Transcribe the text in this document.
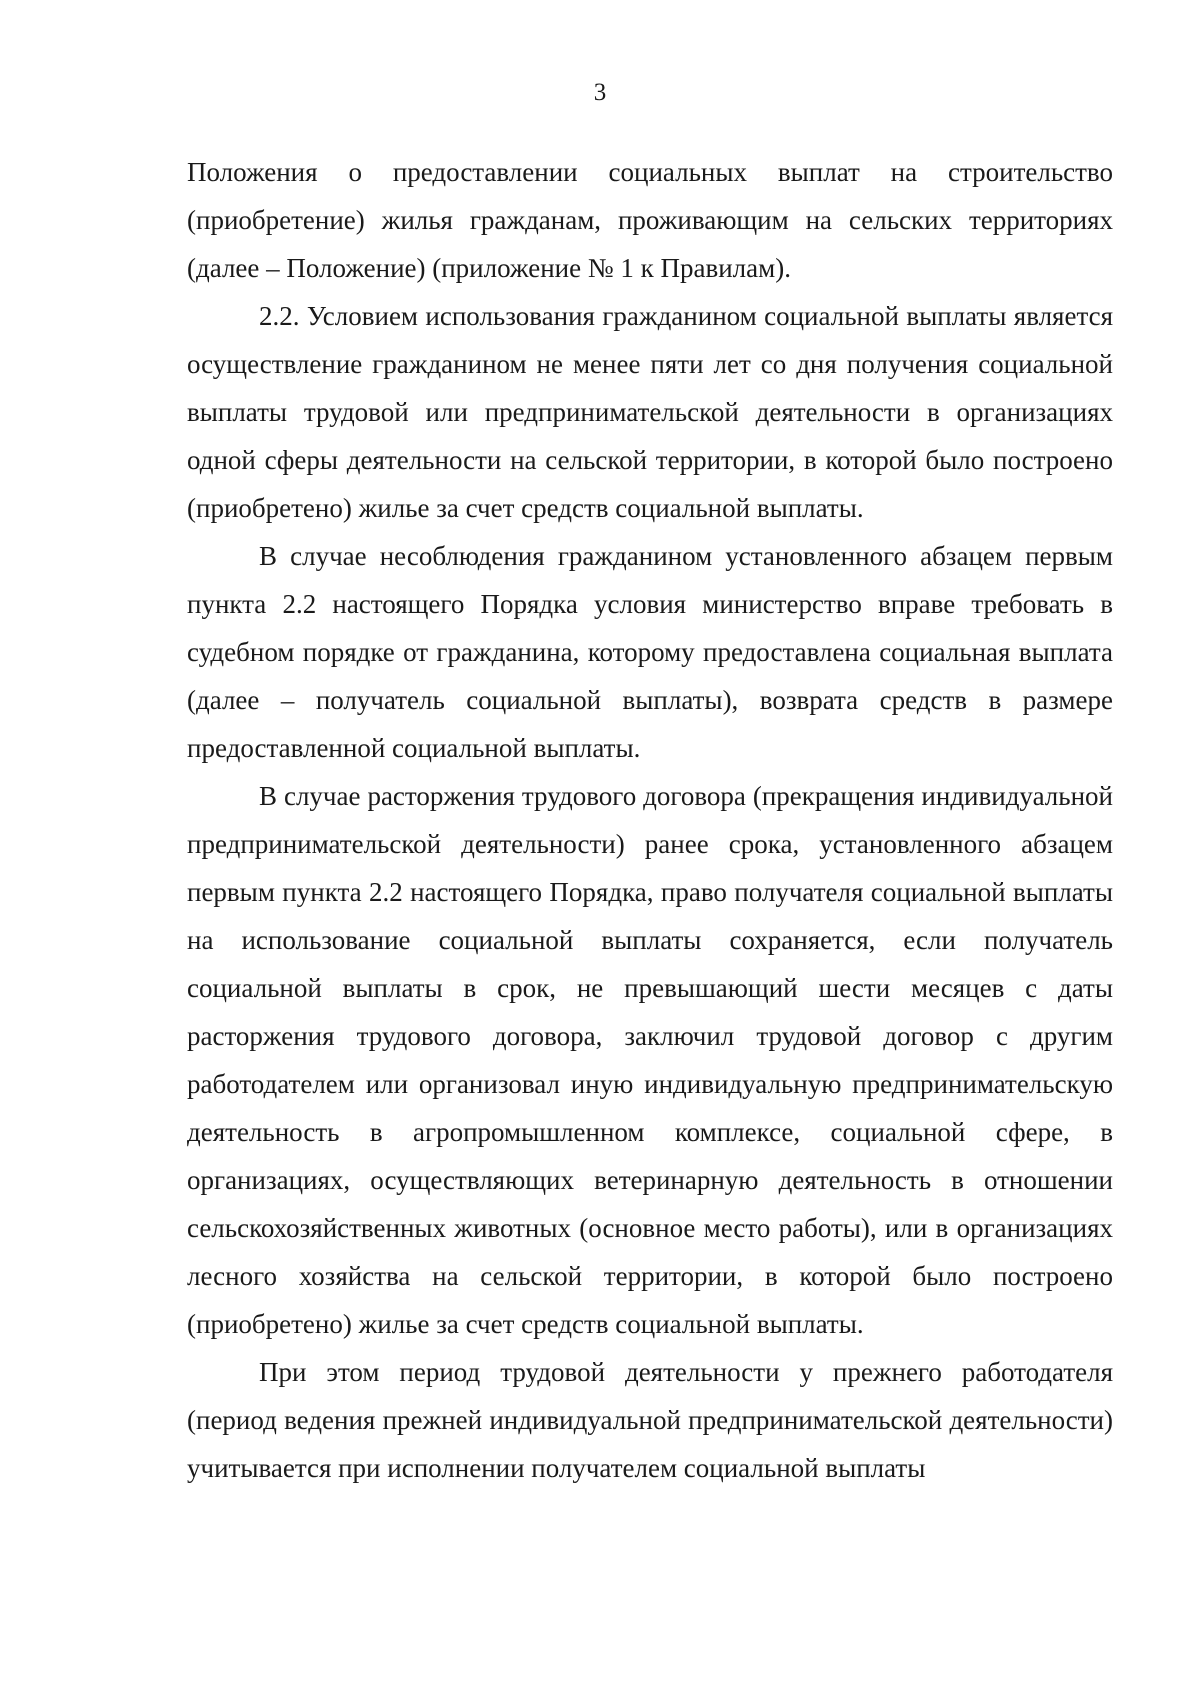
3

Положения о предоставлении социальных выплат на строительство (приобретение) жилья гражданам, проживающим на сельских территориях (далее – Положение) (приложение № 1 к Правилам).

2.2. Условием использования гражданином социальной выплаты является осуществление гражданином не менее пяти лет со дня получения социальной выплаты трудовой или предпринимательской деятельности в организациях одной сферы деятельности на сельской территории, в которой было построено (приобретено) жилье за счет средств социальной выплаты.

В случае несоблюдения гражданином установленного абзацем первым пункта 2.2 настоящего Порядка условия министерство вправе требовать в судебном порядке от гражданина, которому предоставлена социальная выплата (далее – получатель социальной выплаты), возврата средств в размере предоставленной социальной выплаты.

В случае расторжения трудового договора (прекращения индивидуальной предпринимательской деятельности) ранее срока, установленного абзацем первым пункта 2.2 настоящего Порядка, право получателя социальной выплаты на использование социальной выплаты сохраняется, если получатель социальной выплаты в срок, не превышающий шести месяцев с даты расторжения трудового договора, заключил трудовой договор с другим работодателем или организовал иную индивидуальную предпринимательскую деятельность в агропромышленном комплексе, социальной сфере, в организациях, осуществляющих ветеринарную деятельность в отношении сельскохозяйственных животных (основное место работы), или в организациях лесного хозяйства на сельской территории, в которой было построено (приобретено) жилье за счет средств социальной выплаты.

При этом период трудовой деятельности у прежнего работодателя (период ведения прежней индивидуальной предпринимательской деятельности) учитывается при исполнении получателем социальной выплаты
